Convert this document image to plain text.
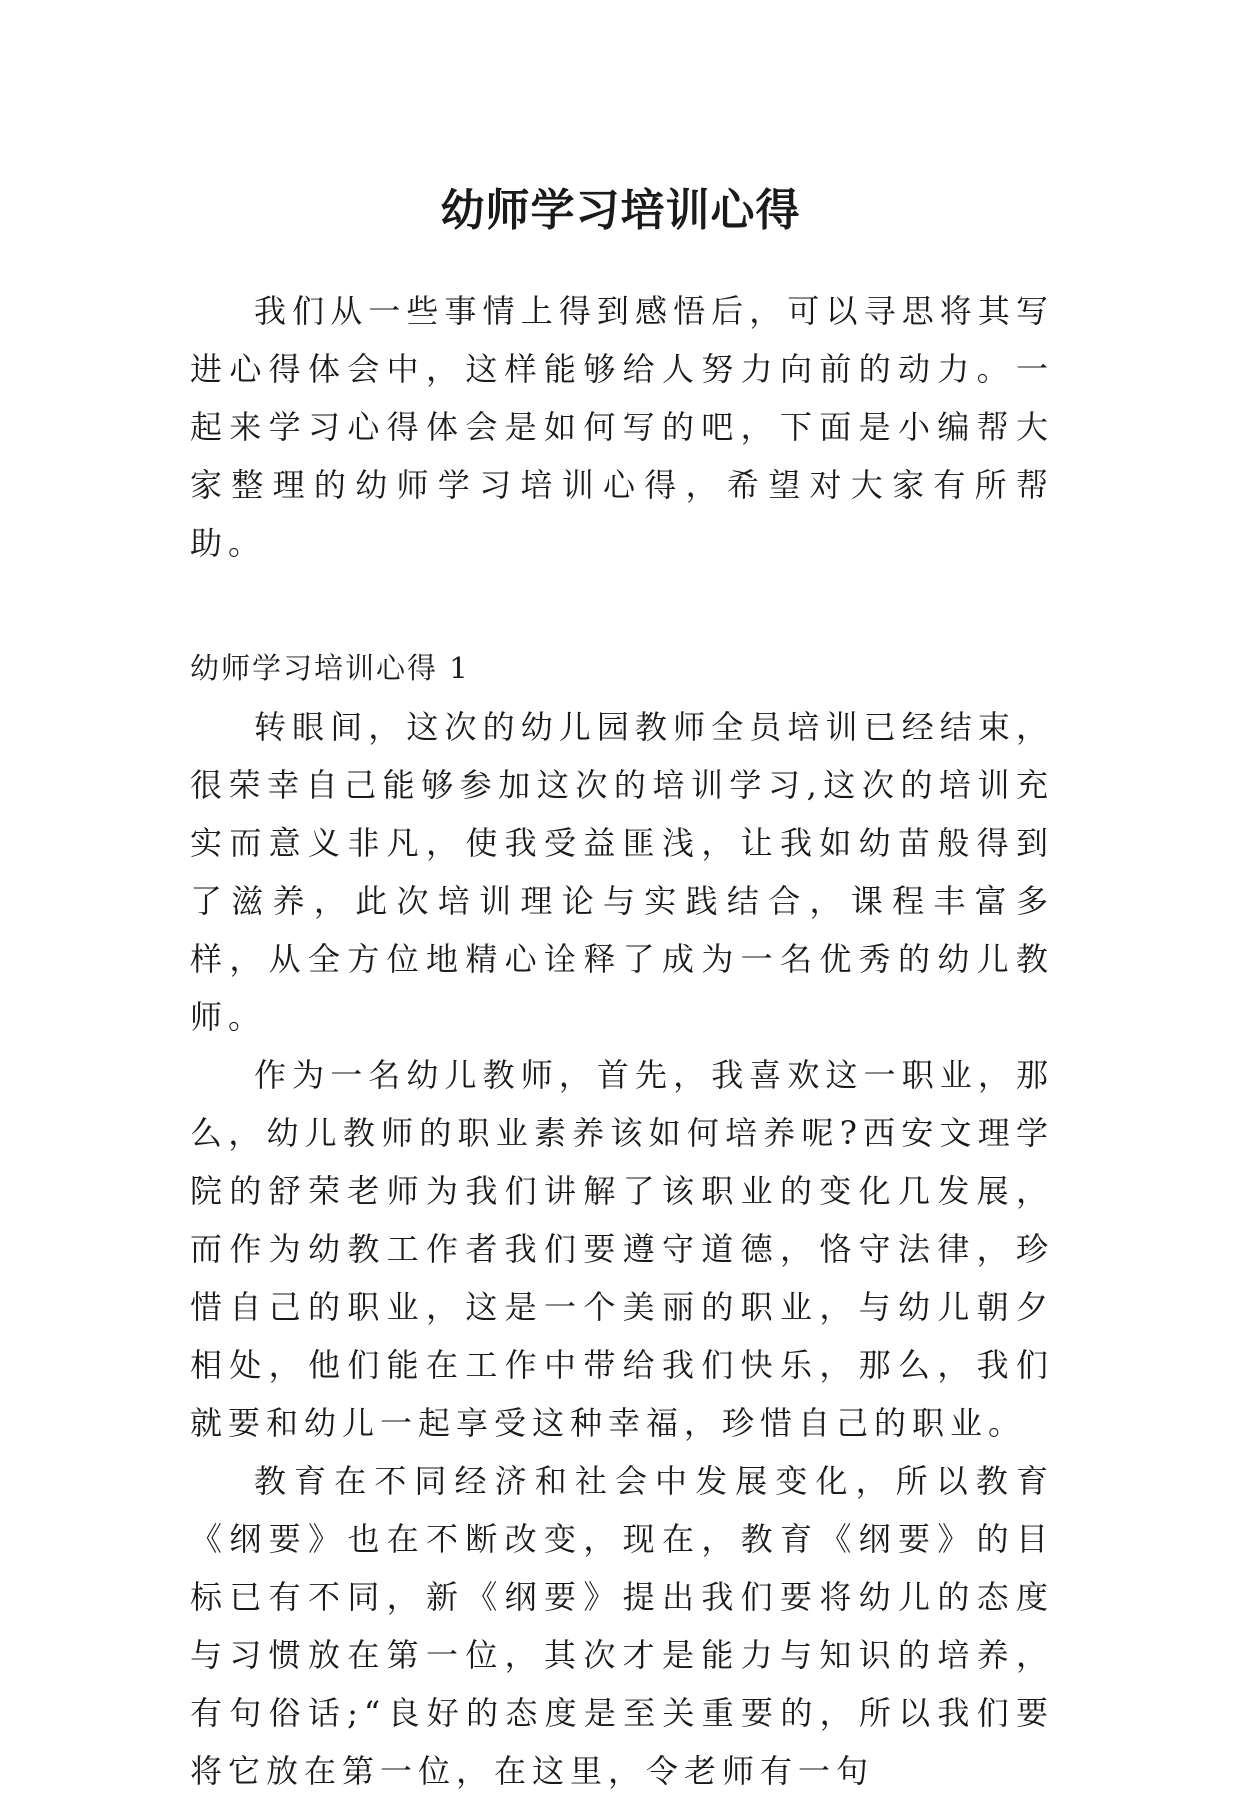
幼师学习培训心得

我们从一些事情上得到感悟后，可以寻思将其写进心得体会中，这样能够给人努力向前的动力。一起来学习心得体会是如何写的吧，下面是小编帮大家整理的幼师学习培训心得，希望对大家有所帮助。

幼师学习培训心得 1

转眼间，这次的幼儿园教师全员培训已经结束，很荣幸自己能够参加这次的培训学习,这次的培训充实而意义非凡，使我受益匪浅，让我如幼苗般得到了滋养，此次培训理论与实践结合，课程丰富多样，从全方位地精心诠释了成为一名优秀的幼儿教师。

作为一名幼儿教师，首先，我喜欢这一职业，那么，幼儿教师的职业素养该如何培养呢?西安文理学院的舒荣老师为我们讲解了该职业的变化几发展，而作为幼教工作者我们要遵守道德，恪守法律，珍惜自己的职业，这是一个美丽的职业，与幼儿朝夕相处，他们能在工作中带给我们快乐，那么，我们就要和幼儿一起享受这种幸福，珍惜自己的职业。

教育在不同经济和社会中发展变化，所以教育《纲要》也在不断改变，现在，教育《纲要》的目标已有不同，新《纲要》提出我们要将幼儿的态度与习惯放在第一位，其次才是能力与知识的培养，有句俗话;“良好的态度是至关重要的，所以我们要将它放在第一位，在这里，令老师有一句
